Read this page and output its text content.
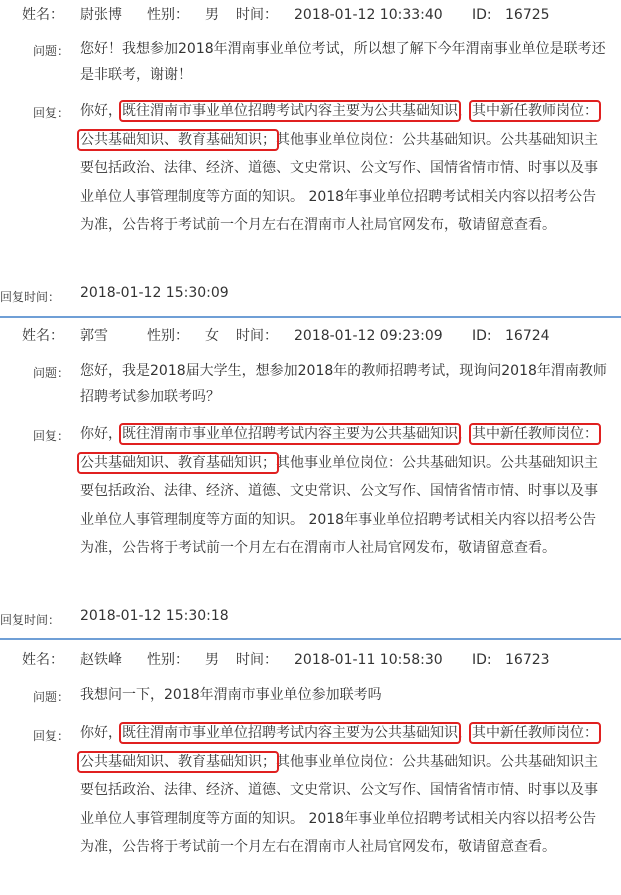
姓名： 尉张博 性别： 男 时间： 2018-01-12 10:33:40 ID: 16725
问题： 您好！我想参加2018年渭南事业单位考试，所以想了解下今年渭南事业单位是联考还是非联考，谢谢！
回复： 你好，既往渭南市事业单位招聘考试内容主要为公共基础知识，其中新任教师岗位：公共基础知识、教育基础知识；其他事业单位岗位：公共基础知识。公共基础知识主要包括政治、法律、经济、道德、文史常识、公文写作、国情省情市情、时事以及事业单位人事管理制度等方面的知识。 2018年事业单位招聘考试相关内容以招考公告为准，公告将于考试前一个月左右在渭南市人社局官网发布，敬请留意查看。
回复时间： 2018-01-12 15:30:09
姓名： 郭雪	性别： 女 时间： 2018-01-12 09:23:09 ID: 16724
问题： 您好，我是2018届大学生，想参加2018年的教师招聘考试，现询问2018年渭南教师招聘考试参加联考吗？
回复： 你好，既往渭南市事业单位招聘考试内容主要为公共基础知识，其中新任教师岗位：公共基础知识、教育基础知识；其他事业单位岗位：公共基础知识。公共基础知识主要包括政治、法律、经济、道德、文史常识、公文写作、国情省情市情、时事以及事业单位人事管理制度等方面的知识。 2018年事业单位招聘考试相关内容以招考公告为准，公告将于考试前一个月左右在渭南市人社局官网发布，敬请留意查看。
回复时间： 2018-01-12 15:30:18
姓名： 赵铁峰 性别： 男 时间： 2018-01-11 10:58:30 ID: 16723
问题： 我想问一下，2018年渭南市事业单位参加联考吗
回复： 你好，既往渭南市事业单位招聘考试内容主要为公共基础知识，其中新任教师岗位：公共基础知识、教育基础知识；其他事业单位岗位：公共基础知识。公共基础知识主要包括政治、法律、经济、道德、文史常识、公文写作、国情省情市情、时事以及事业单位人事管理制度等方面的知识。 2018年事业单位招聘考试相关内容以招考公告为准，公告将于考试前一个月左右在渭南市人社局官网发布，敬请留意查看。
